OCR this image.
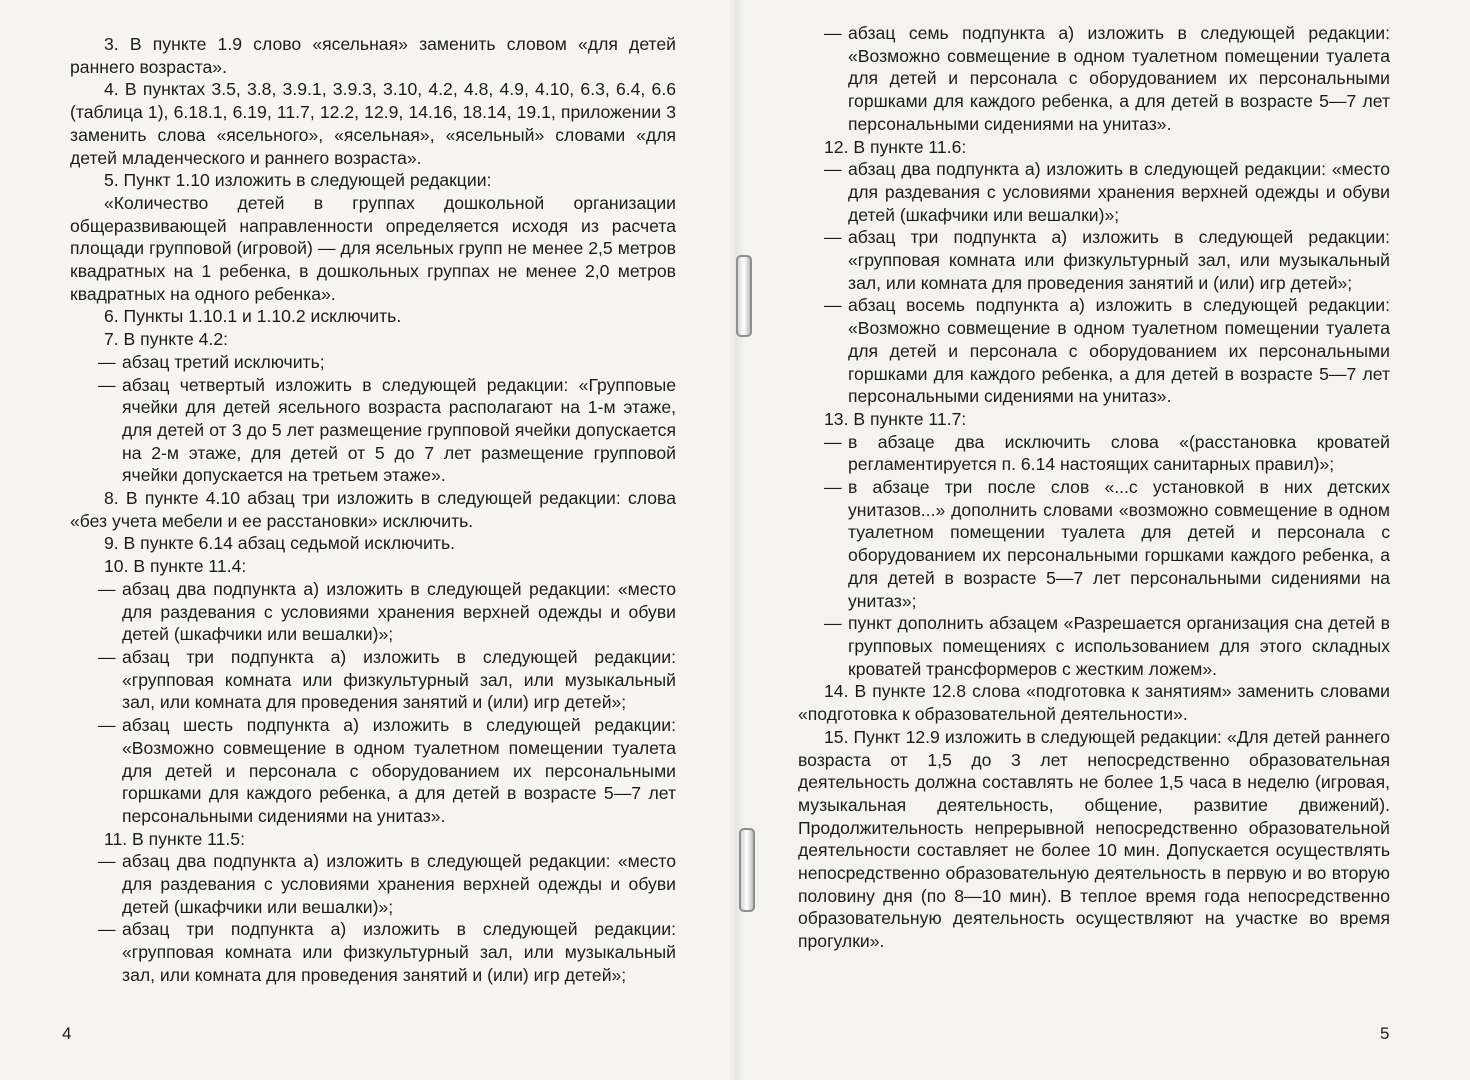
3. В пункте 1.9 слово «ясельная» заменить словом «для детей раннего возраста».
4. В пунктах 3.5, 3.8, 3.9.1, 3.9.3, 3.10, 4.2, 4.8, 4.9, 4.10, 6.3, 6.4, 6.6 (таблица 1), 6.18.1, 6.19, 11.7, 12.2, 12.9, 14.16, 18.14, 19.1, приложении 3 заменить слова «ясельного», «ясельная», «ясельный» словами «для детей младенческого и раннего возраста».
5. Пункт 1.10 изложить в следующей редакции:
«Количество детей в группах дошкольной организации общеразвивающей направленности определяется исходя из расчета площади групповой (игровой) — для ясельных групп не менее 2,5 метров квадратных на 1 ребенка, в дошкольных группах не менее 2,0 метров квадратных на одного ребенка».
6. Пункты 1.10.1 и 1.10.2 исключить.
7. В пункте 4.2:
— абзац третий исключить;
— абзац четвертый изложить в следующей редакции: «Групповые ячейки для детей ясельного возраста располагают на 1-м этаже, для детей от 3 до 5 лет размещение групповой ячейки допускается на 2-м этаже, для детей от 5 до 7 лет размещение групповой ячейки допускается на третьем этаже».
8. В пункте 4.10 абзац три изложить в следующей редакции: слова «без учета мебели и ее расстановки» исключить.
9. В пункте 6.14 абзац седьмой исключить.
10. В пункте 11.4:
— абзац два подпункта а) изложить в следующей редакции: «место для раздевания с условиями хранения верхней одежды и обуви детей (шкафчики или вешалки)»;
— абзац три подпункта а) изложить в следующей редакции: «групповая комната или физкультурный зал, или музыкальный зал, или комната для проведения занятий и (или) игр детей»;
— абзац шесть подпункта а) изложить в следующей редакции: «Возможно совмещение в одном туалетном помещении туалета для детей и персонала с оборудованием их персональными горшками для каждого ребенка, а для детей в возрасте 5—7 лет персональными сидениями на унитаз».
11. В пункте 11.5:
— абзац два подпункта а) изложить в следующей редакции: «место для раздевания с условиями хранения верхней одежды и обуви детей (шкафчики или вешалки)»;
— абзац три подпункта а) изложить в следующей редакции: «групповая комната или физкультурный зал, или музыкальный зал, или комната для проведения занятий и (или) игр детей»;
— абзац семь подпункта а) изложить в следующей редакции: «Возможно совмещение в одном туалетном помещении туалета для детей и персонала с оборудованием их персональными горшками для каждого ребенка, а для детей в возрасте 5—7 лет персональными сидениями на унитаз».
12. В пункте 11.6:
— абзац два подпункта а) изложить в следующей редакции: «место для раздевания с условиями хранения верхней одежды и обуви детей (шкафчики или вешалки)»;
— абзац три подпункта а) изложить в следующей редакции: «групповая комната или физкультурный зал, или музыкальный зал, или комната для проведения занятий и (или) игр детей»;
— абзац восемь подпункта а) изложить в следующей редакции: «Возможно совмещение в одном туалетном помещении туалета для детей и персонала с оборудованием их персональными горшками для каждого ребенка, а для детей в возрасте 5—7 лет персональными сидениями на унитаз».
13. В пункте 11.7:
— в абзаце два исключить слова «(расстановка кроватей регламентируется п. 6.14 настоящих санитарных правил)»;
— в абзаце три после слов «...с установкой в них детских унитазов...» дополнить словами «возможно совмещение в одном туалетном помещении туалета для детей и персонала с оборудованием их персональными горшками каждого ребенка, а для детей в возрасте 5—7 лет персональными сидениями на унитаз»;
— пункт дополнить абзацем «Разрешается организация сна детей в групповых помещениях с использованием для этого складных кроватей трансформеров с жестким ложем».
14. В пункте 12.8 слова «подготовка к занятиям» заменить словами «подготовка к образовательной деятельности».
15. Пункт 12.9 изложить в следующей редакции: «Для детей раннего возраста от 1,5 до 3 лет непосредственно образовательная деятельность должна составлять не более 1,5 часа в неделю (игровая, музыкальная деятельность, общение, развитие движений). Продолжительность непрерывной непосредственно образовательной деятельности составляет не более 10 мин. Допускается осуществлять непосредственно образовательную деятельность в первую и во вторую половину дня (по 8—10 мин). В теплое время года непосредственно образовательную деятельность осуществляют на участке во время прогулки».
4	5
